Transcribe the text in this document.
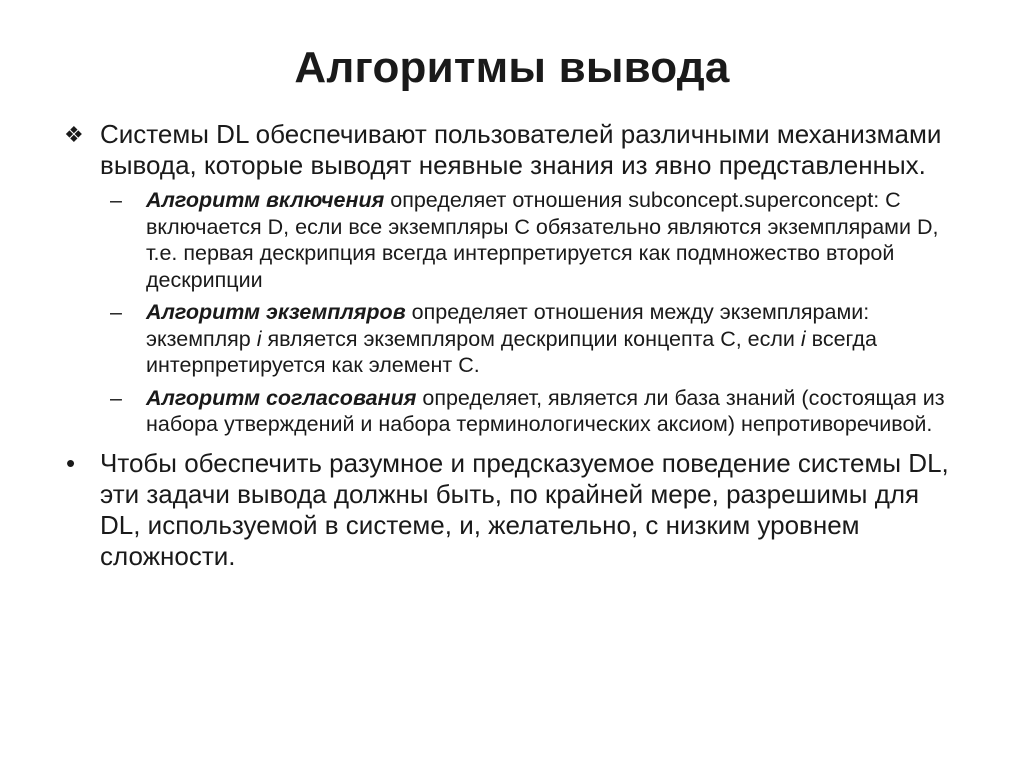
Алгоритмы вывода
❖ Системы DL обеспечивают пользователей различными механизмами вывода, которые выводят неявные знания из явно представленных.
– Алгоритм включения определяет отношения subconcept.superconcept: C включается D, если все экземпляры C обязательно являются экземплярами D, т.е. первая дескрипция всегда интерпретируется как подмножество второй дескрипции
– Алгоритм экземпляров определяет отношения между экземплярами: экземпляр i является экземпляром дескрипции концепта C, если i всегда интерпретируется как элемент C.
– Алгоритм согласования определяет, является ли база знаний (состоящая из набора утверждений и набора терминологических аксиом) непротиворечивой.
• Чтобы обеспечить разумное и предсказуемое поведение системы DL, эти задачи вывода должны быть, по крайней мере, разрешимы для DL, используемой в системе, и, желательно, с низким уровнем сложности.
